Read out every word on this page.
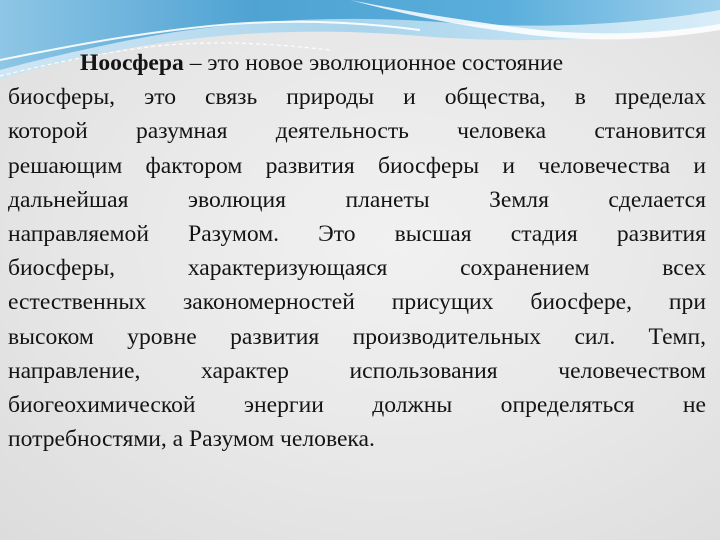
Ноосфера – это новое эволюционное состояние
биосферы, это связь природы и общества, в пределах
которой разумная деятельность человека становится
решающим фактором развития биосферы и человечества и
дальнейшая эволюция планеты Земля сделается
направляемой Разумом. Это высшая стадия развития
биосферы, характеризующаяся сохранением всех
естественных закономерностей присущих биосфере, при
высоком уровне развития производительных сил. Темп,
направление, характер использования человечеством
биогеохимической энергии должны определяться не
потребностями, а Разумом человека.
